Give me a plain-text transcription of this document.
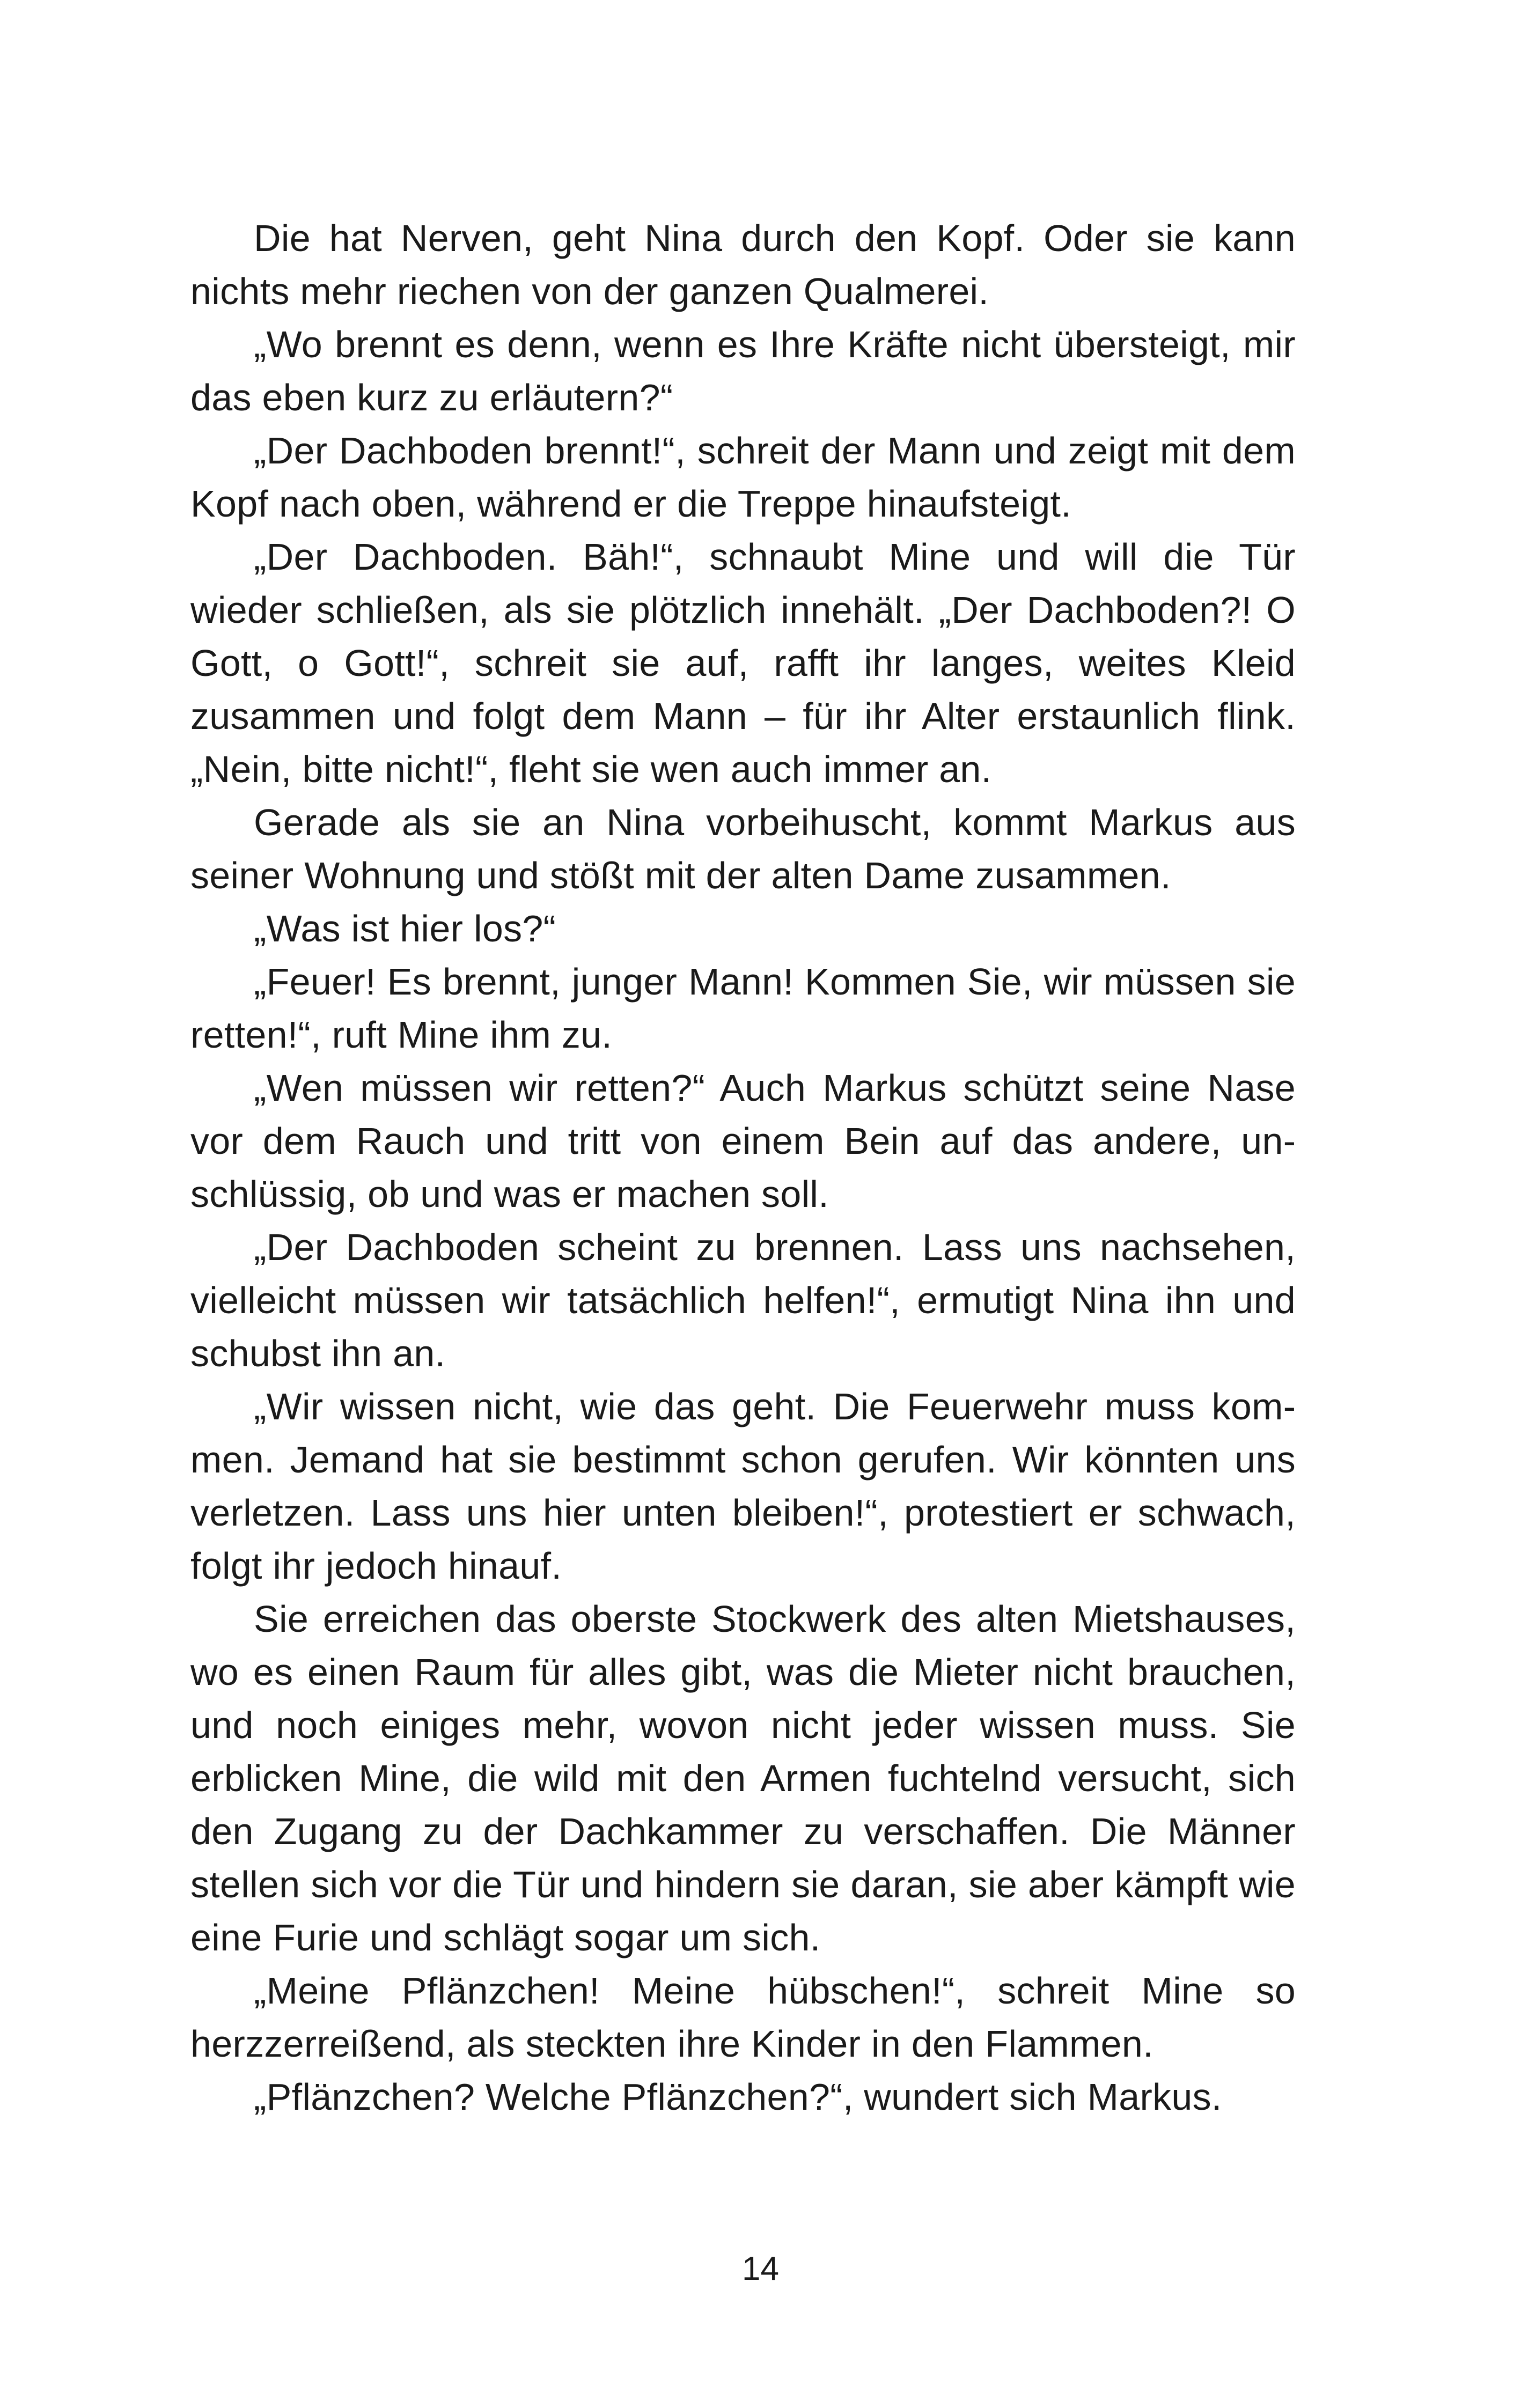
Die hat Nerven, geht Nina durch den Kopf. Oder sie kann nichts mehr riechen von der ganzen Qualmerei.

„Wo brennt es denn, wenn es Ihre Kräfte nicht übersteigt, mir das eben kurz zu erläutern?“

„Der Dachboden brennt!“, schreit der Mann und zeigt mit dem Kopf nach oben, während er die Treppe hinaufsteigt.

„Der Dachboden. Bäh!“, schnaubt Mine und will die Tür wieder schließen, als sie plötzlich innehält. „Der Dachboden?! O Gott, o Gott!“, schreit sie auf, rafft ihr langes, weites Kleid zusammen und folgt dem Mann – für ihr Alter erstaunlich flink. „Nein, bitte nicht!“, fleht sie wen auch immer an.

Gerade als sie an Nina vorbeihuscht, kommt Markus aus seiner Wohnung und stößt mit der alten Dame zusammen.

„Was ist hier los?“

„Feuer! Es brennt, junger Mann! Kommen Sie, wir müssen sie retten!“, ruft Mine ihm zu.

„Wen müssen wir retten?“ Auch Markus schützt seine Nase vor dem Rauch und tritt von einem Bein auf das andere, unschlüssig, ob und was er machen soll.

„Der Dachboden scheint zu brennen. Lass uns nachsehen, vielleicht müssen wir tatsächlich helfen!“, ermutigt Nina ihn und schubst ihn an.

„Wir wissen nicht, wie das geht. Die Feuerwehr muss kommen. Jemand hat sie bestimmt schon gerufen. Wir könnten uns verletzen. Lass uns hier unten bleiben!“, protestiert er schwach, folgt ihr jedoch hinauf.

Sie erreichen das oberste Stockwerk des alten Mietshauses, wo es einen Raum für alles gibt, was die Mieter nicht brauchen, und noch einiges mehr, wovon nicht jeder wissen muss. Sie erblicken Mine, die wild mit den Armen fuchtelnd versucht, sich den Zugang zu der Dachkammer zu verschaffen. Die Männer stellen sich vor die Tür und hindern sie daran, sie aber kämpft wie eine Furie und schlägt sogar um sich.

„Meine Pflänzchen! Meine hübschen!“, schreit Mine so herzzerreißend, als steckten ihre Kinder in den Flammen.

„Pflänzchen? Welche Pflänzchen?“, wundert sich Markus.

14
